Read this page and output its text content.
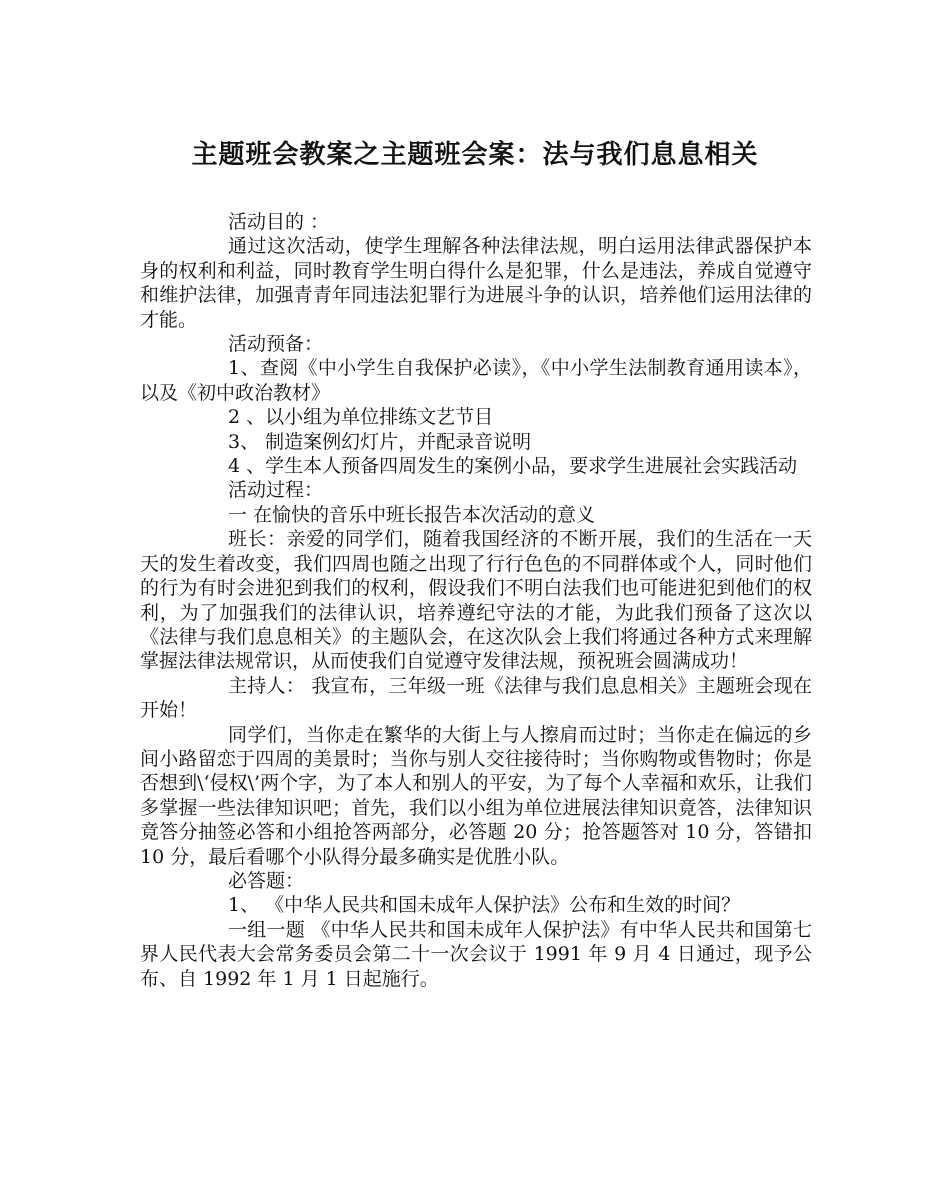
主题班会教案之主题班会案：法与我们息息相关

活动目的 ：

通过这次活动，使学生理解各种法律法规，明白运用法律武器保护本身的权利和利益，同时教育学生明白得什么是犯罪，什么是违法，养成自觉遵守和维护法律，加强青青年同违法犯罪行为进展斗争的认识，培养他们运用法律的才能。

活动预备：

1、查阅《中小学生自我保护必读》，《中小学生法制教育通用读本》，以及《初中政治教材》

2 、以小组为单位排练文艺节目

3、 制造案例幻灯片，并配录音说明

4 、学生本人预备四周发生的案例小品，要求学生进展社会实践活动

活动过程：

一 在愉快的音乐中班长报告本次活动的意义

班长：亲爱的同学们，随着我国经济的不断开展，我们的生活在一天天的发生着改变，我们四周也随之出现了行行色色的不同群体或个人，同时他们的行为有时会进犯到我们的权利，假设我们不明白法我们也可能进犯到他们的权利，为了加强我们的法律认识，培养遵纪守法的才能，为此我们预备了这次以《法律与我们息息相关》的主题队会，在这次队会上我们将通过各种方式来理解掌握法律法规常识，从而使我们自觉遵守发律法规，预祝班会圆满成功！

主持人： 我宣布，三年级一班《法律与我们息息相关》主题班会现在开始！

同学们，当你走在繁华的大街上与人擦肩而过时；当你走在偏远的乡间小路留恋于四周的美景时；当你与别人交往接待时；当你购物或售物时；你是否想到\‘侵权\’两个字，为了本人和别人的平安，为了每个人幸福和欢乐，让我们多掌握一些法律知识吧；首先，我们以小组为单位进展法律知识竟答，法律知识竟答分抽签必答和小组抢答两部分，必答题 20 分；抢答题答对 10 分，答错扣 10 分，最后看哪个小队得分最多确实是优胜小队。

必答题：

1、 《中华人民共和国未成年人保护法》公布和生效的时间？

一组一题 《中华人民共和国未成年人保护法》有中华人民共和国第七界人民代表大会常务委员会第二十一次会议于 1991 年 9 月 4 日通过，现予公布、自 1992 年 1 月 1 日起施行。
